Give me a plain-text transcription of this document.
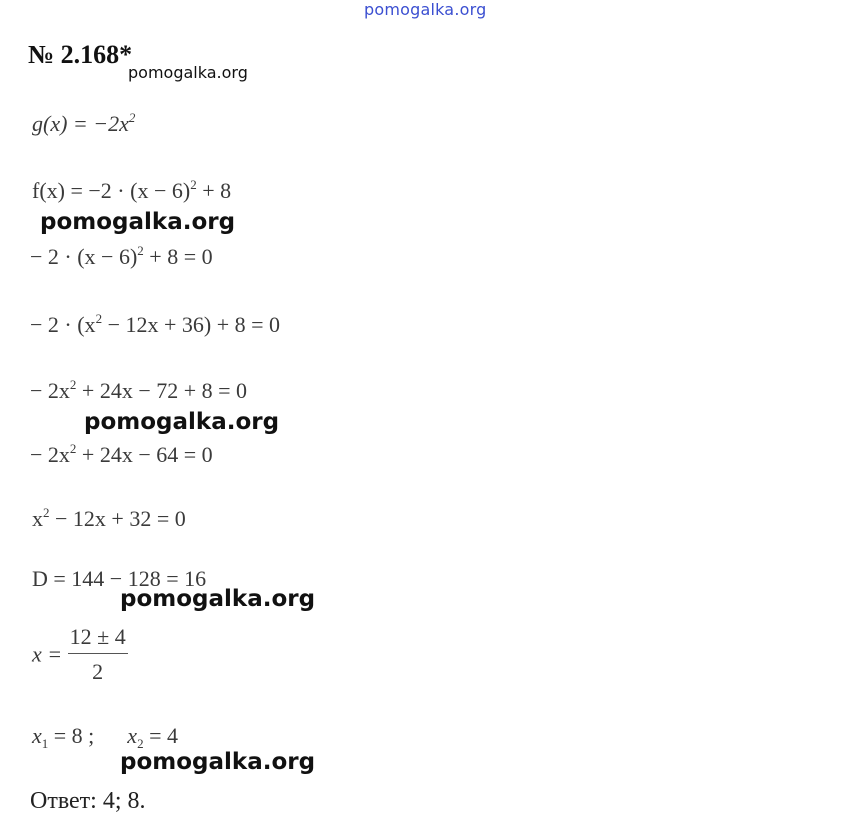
pomogalka.org
№ 2.168*
pomogalka.org
$g(x) = -2x^2$
$f(x) = -2 \cdot (x - 6)^2 + 8$
pomogalka.org
− $2 \cdot (x - 6)^2 + 8 = 0$
− $2 \cdot (x^2 - 12x + 36) + 8 = 0$
− $2x^2 + 24x - 72 + 8 = 0$
pomogalka.org
− $2x^2 + 24x - 64 = 0$
$x^2 - 12x + 32 = 0$
D = 144 − 128 = 16
pomogalka.org
$x = \frac{12 \pm 4}{2}$
$x_1 = 8$ ; $x_2 = 4$
pomogalka.org
Ответ: 4; 8.
